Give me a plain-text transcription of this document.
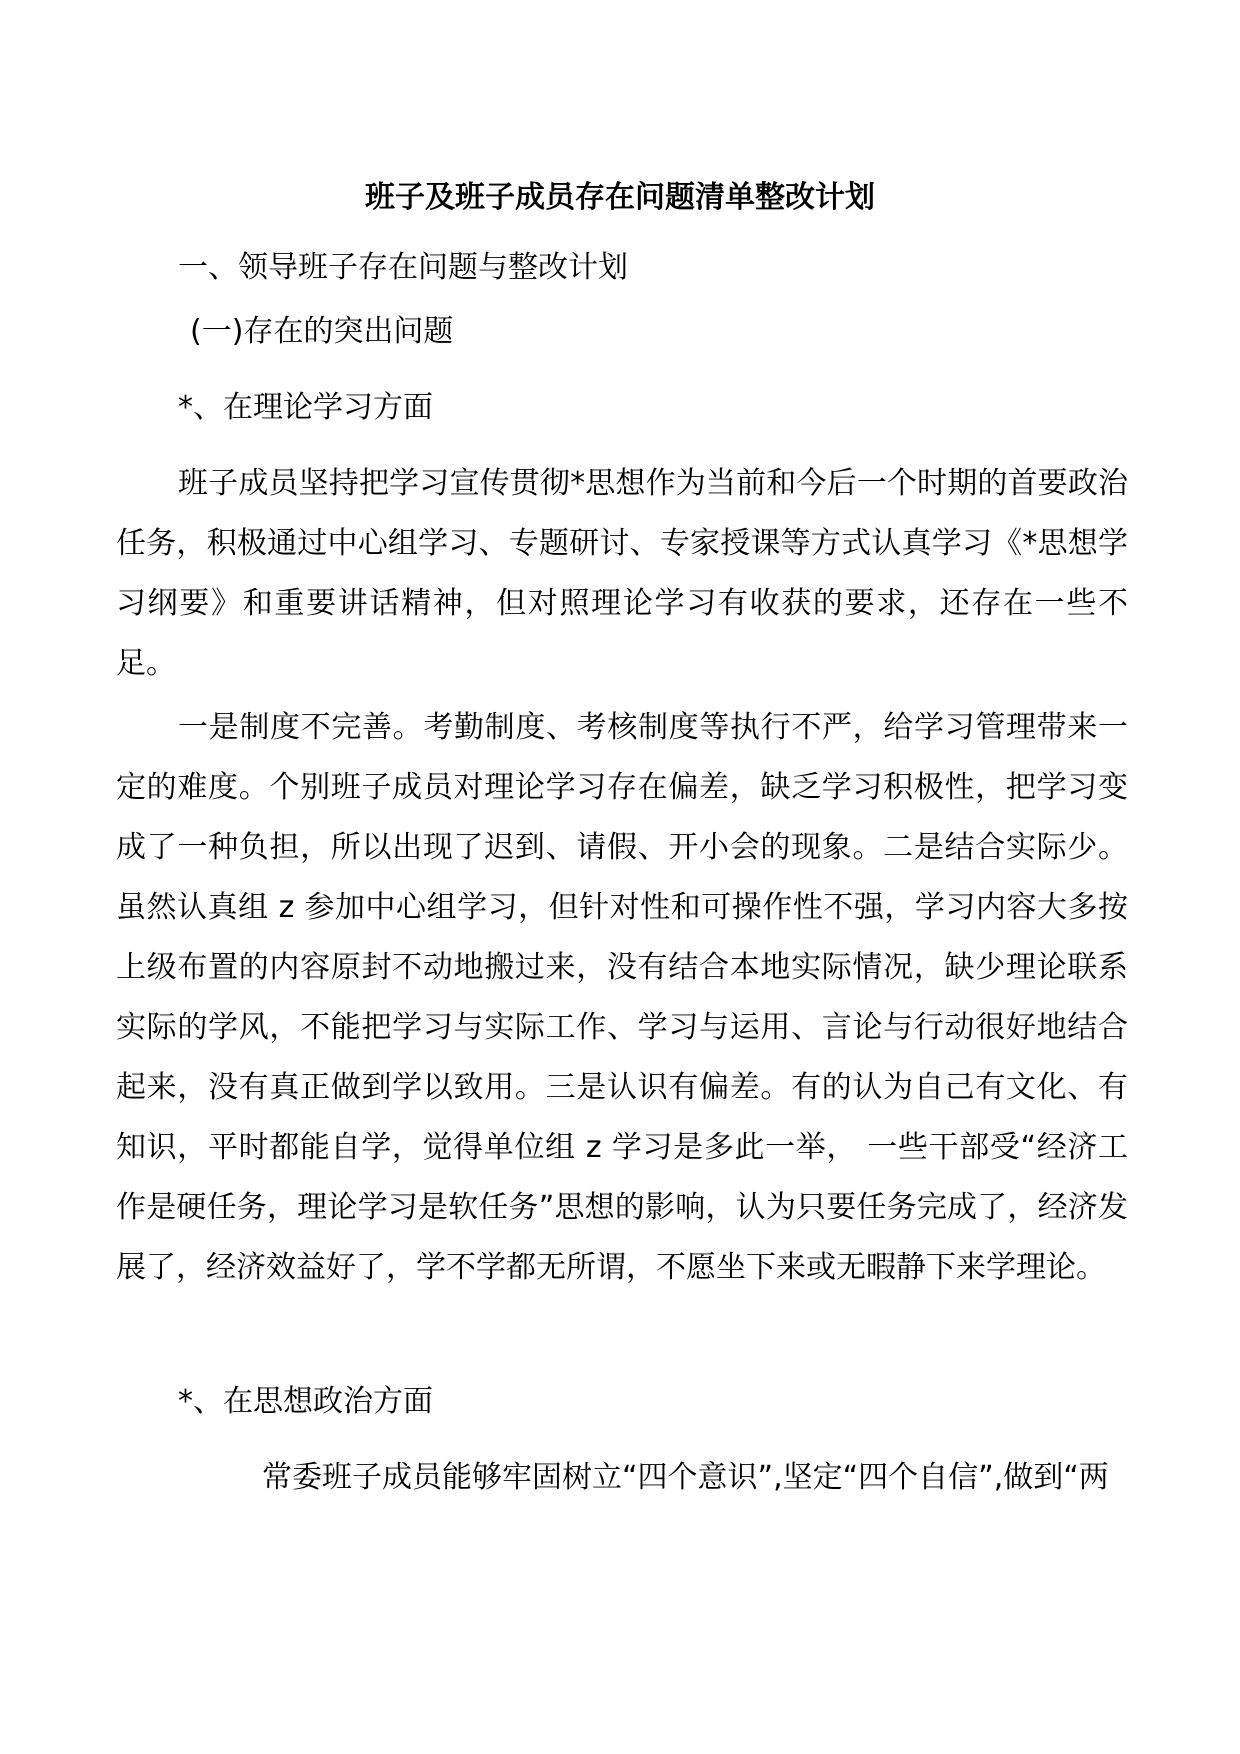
班子及班子成员存在问题清单整改计划

一、领导班子存在问题与整改计划

(一)存在的突出问题

*、在理论学习方面

班子成员坚持把学习宣传贯彻*思想作为当前和今后一个时期的首要政治任务，积极通过中心组学习、专题研讨、专家授课等方式认真学习《*思想学习纲要》和重要讲话精神，但对照理论学习有收获的要求，还存在一些不足。

一是制度不完善。考勤制度、考核制度等执行不严，给学习管理带来一定的难度。个别班子成员对理论学习存在偏差，缺乏学习积极性，把学习变成了一种负担，所以出现了迟到、请假、开小会的现象。二是结合实际少。虽然认真组 z 参加中心组学习，但针对性和可操作性不强，学习内容大多按上级布置的内容原封不动地搬过来，没有结合本地实际情况，缺少理论联系实际的学风，不能把学习与实际工作、学习与运用、言论与行动很好地结合起来，没有真正做到学以致用。三是认识有偏差。有的认为自己有文化、有知识，平时都能自学，觉得单位组 z 学习是多此一举， 一些干部受“经济工作是硬任务，理论学习是软任务”思想的影响，认为只要任务完成了，经济发展了，经济效益好了，学不学都无所谓，不愿坐下来或无暇静下来学理论。

*、在思想政治方面

常委班子成员能够牢固树立“四个意识”,坚定“四个自信”,做到“两
